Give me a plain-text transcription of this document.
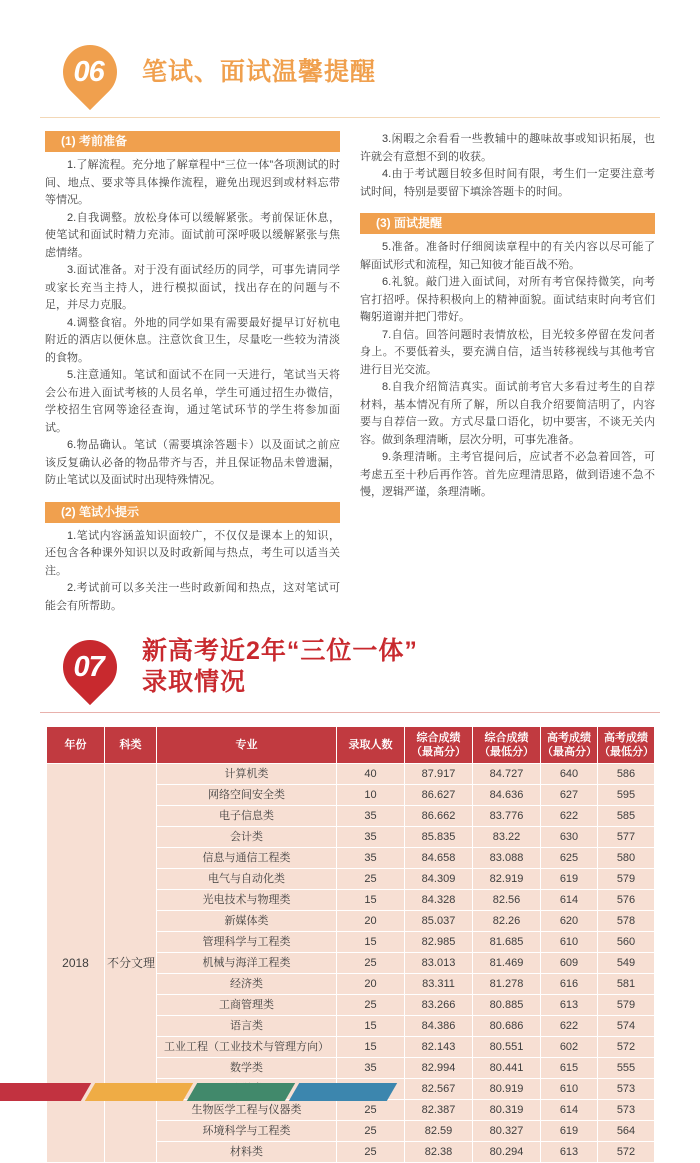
06 笔试、面试温馨提醒
(1) 考前准备

1.了解流程。充分地了解章程中“三位一体”各项测试的时间、地点、要求等具体操作流程，避免出现迟到或材料忘带等情况。

2.自我调整。放松身体可以缓解紧张。考前保证休息，使笔试和面试时精力充沛。面试前可深呼吸以缓解紧张与焦虑情绪。

3.面试准备。对于没有面试经历的同学，可事先请同学或家长充当主持人，进行模拟面试，找出存在的问题与不足，并尽力克服。

4.调整食宿。外地的同学如果有需要最好提早订好杭电附近的酒店以便休息。注意饮食卫生，尽量吃一些较为清淡的食物。

5.注意通知。笔试和面试不在同一天进行，笔试当天将会公布进入面试考核的人员名单，学生可通过招生办微信，学校招生官网等途径查询，通过笔试环节的学生将参加面试。

6.物品确认。笔试（需要填涂答题卡）以及面试之前应该反复确认必备的物品带齐与否，并且保证物品未曾遗漏，防止笔试以及面试时出现特殊情况。

(2) 笔试小提示

1.笔试内容涵盖知识面较广，不仅仅是课本上的知识，还包含各种课外知识以及时政新闻与热点，考生可以适当关注。

2.考试前可以多关注一些时政新闻和热点，这对笔试可能会有所帮助。

3.闲暇之余看看一些教辅中的趣味故事或知识拓展，也许就会有意想不到的收获。

4.由于考试题目较多但时间有限，考生们一定要注意考试时间，特别是要留下填涂答题卡的时间。

(3) 面试提醒

5.准备。准备时仔细阅读章程中的有关内容以尽可能了解面试形式和流程，知己知彼才能百战不殆。

6.礼貌。敲门进入面试间，对所有考官保持微笑，向考官打招呼。保持积极向上的精神面貌。面试结束时向考官们鞠躬道谢并把门带好。

7.自信。回答问题时表情放松，目光较多停留在发问者身上。不要低着头，要充满自信，适当转移视线与其他考官进行目光交流。

8.自我介绍简洁真实。面试前考官大多看过考生的自荐材料，基本情况有所了解，所以自我介绍要简洁明了，内容要与自荐信一致。方式尽量口语化，切中要害，不谈无关内容。做到条理清晰，层次分明，可事先准备。

9.条理清晰。主考官提问后，应试者不必急着回答，可考虑五至十秒后再作答。首先应理清思路，做到语速不急不慢，逻辑严谨，条理清晰。

07 新高考近2年“三位一体”
录取情况
年份	科类	专业	录取人数	综合成绩
（最高分）	综合成绩
（最低分）	高考成绩
（最高分）	高考成绩
（最低分）
2018	不分文理	计算机类	40	87.917	84.727	640	586
		网络空间安全类	10	86.627	84.636	627	595
		电子信息类	35	86.662	83.776	622	585
		会计类	35	85.835	83.22	630	577
		信息与通信工程类	35	84.658	83.088	625	580
		电气与自动化类	25	84.309	82.919	619	579
		光电技术与物理类	15	84.328	82.56	614	576
		新媒体类	20	85.037	82.26	620	578
		管理科学与工程类	15	82.985	81.685	610	560
		机械与海洋工程类	25	83.013	81.469	609	549
		经济类	20	83.311	81.278	616	581
		工商管理类	25	83.266	80.885	613	579
		语言类	15	84.386	80.686	622	574
		工业工程（工业技术与管理方向）	15	82.143	80.551	602	572
		数学类	35	82.994	80.441	615	555
		82.567	80.919	610	573
		生物医学工程与仪器类	25	82.387	80.319	614	573
		环境科学与工程类	25	82.59	80.327	619	564
		材料类	25	82.38	80.294	613	572
